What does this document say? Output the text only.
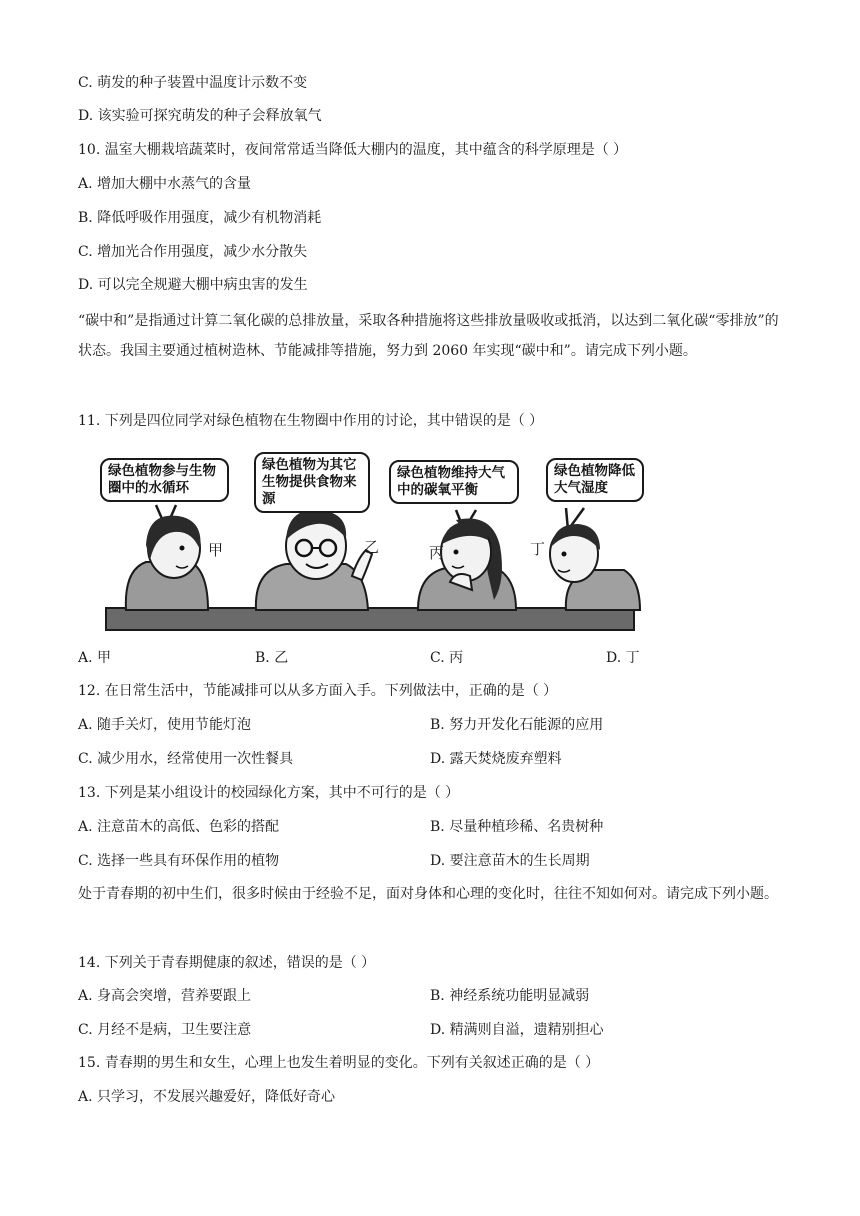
C. 萌发的种子装置中温度计示数不变
D. 该实验可探究萌发的种子会释放氧气
10. 温室大棚栽培蔬菜时，夜间常常适当降低大棚内的温度，其中蕴含的科学原理是（ ）
A. 增加大棚中水蒸气的含量
B. 降低呼吸作用强度，减少有机物消耗
C. 增加光合作用强度，减少水分散失
D. 可以完全规避大棚中病虫害的发生
“碳中和”是指通过计算二氧化碳的总排放量，采取各种措施将这些排放量吸收或抵消，以达到二氧化碳“零排放”的状态。我国主要通过植树造林、节能减排等措施，努力到 2060 年实现“碳中和”。请完成下列小题。
11. 下列是四位同学对绿色植物在生物圈中作用的讨论，其中错误的是（ ）
绿色植物参与生物圈中的水循环
绿色植物为其它生物提供食物来源
绿色植物维持大气中的碳氧平衡
绿色植物降低大气湿度
甲	乙	丙	丁
A. 甲	B. 乙	C. 丙	D. 丁
12. 在日常生活中，节能减排可以从多方面入手。下列做法中，正确的是（ ）
A. 随手关灯，使用节能灯泡	B. 努力开发化石能源的应用
C. 减少用水，经常使用一次性餐具	D. 露天焚烧废弃塑料
13. 下列是某小组设计的校园绿化方案，其中不可行的是（ ）
A. 注意苗木的高低、色彩的搭配	B. 尽量种植珍稀、名贵树种
C. 选择一些具有环保作用的植物	D. 要注意苗木的生长周期
处于青春期的初中生们，很多时候由于经验不足，面对身体和心理的变化时，往往不知如何对。请完成下列小题。
14. 下列关于青春期健康的叙述，错误的是（ ）
A. 身高会突增，营养要跟上	B. 神经系统功能明显减弱
C. 月经不是病，卫生要注意	D. 精满则自溢，遗精别担心
15. 青春期的男生和女生，心理上也发生着明显的变化。下列有关叙述正确的是（ ）
A. 只学习，不发展兴趣爱好，降低好奇心
